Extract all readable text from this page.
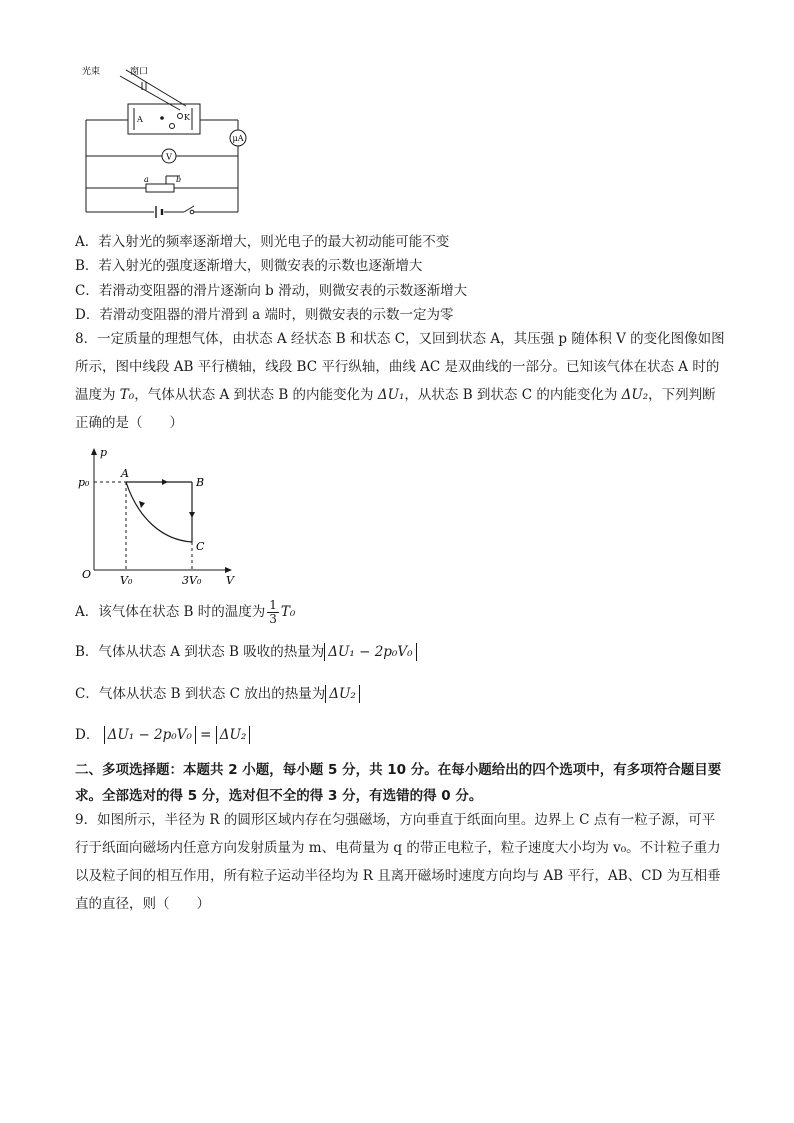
μA
V
光束	窗口
A	K
a	b
A．若入射光的频率逐渐增大，则光电子的最大初动能可能不变
B．若入射光的强度逐渐增大，则微安表的示数也逐渐增大
C．若滑动变阻器的滑片逐渐向 b 滑动，则微安表的示数逐渐增大
D．若滑动变阻器的滑片滑到 a 端时，则微安表的示数一定为零
8．一定质量的理想气体，由状态 A 经状态 B 和状态 C，又回到状态 A，其压强 p 随体积 V 的变化图像如图所示，图中线段 AB 平行横轴，线段 BC 平行纵轴，曲线 AC 是双曲线的一部分。已知该气体在状态 A 时的温度为 T₀，气体从状态 A 到状态 B 的内能变化为 ΔU₁，从状态 B 到状态 C 的内能变化为 ΔU₂，下列判断正确的是（　　）
p
V
O
p₀
V₀	3V₀
A
B
C
A．该气体在状态 B 时的温度为 $\frac{1}{3} T_0$
B．气体从状态 A 到状态 B 吸收的热量为 ΔU₁ − 2p₀V₀
C．气体从状态 B 到状态 C 放出的热量为 ΔU₂
D． ΔU₁ − 2p₀V₀ = ΔU₂
二、多项选择题：本题共 2 小题，每小题 5 分，共 10 分。在每小题给出的四个选项中，有多项符合题目要求。全部选对的得 5 分，选对但不全的得 3 分，有选错的得 0 分。
9．如图所示，半径为 R 的圆形区域内存在匀强磁场，方向垂直于纸面向里。边界上 C 点有一粒子源，可平行于纸面向磁场内任意方向发射质量为 m、电荷量为 q 的带正电粒子，粒子速度大小均为 v₀。不计粒子重力以及粒子间的相互作用，所有粒子运动半径均为 R 且离开磁场时速度方向均与 AB 平行，AB、CD 为互相垂直的直径，则（　　）
